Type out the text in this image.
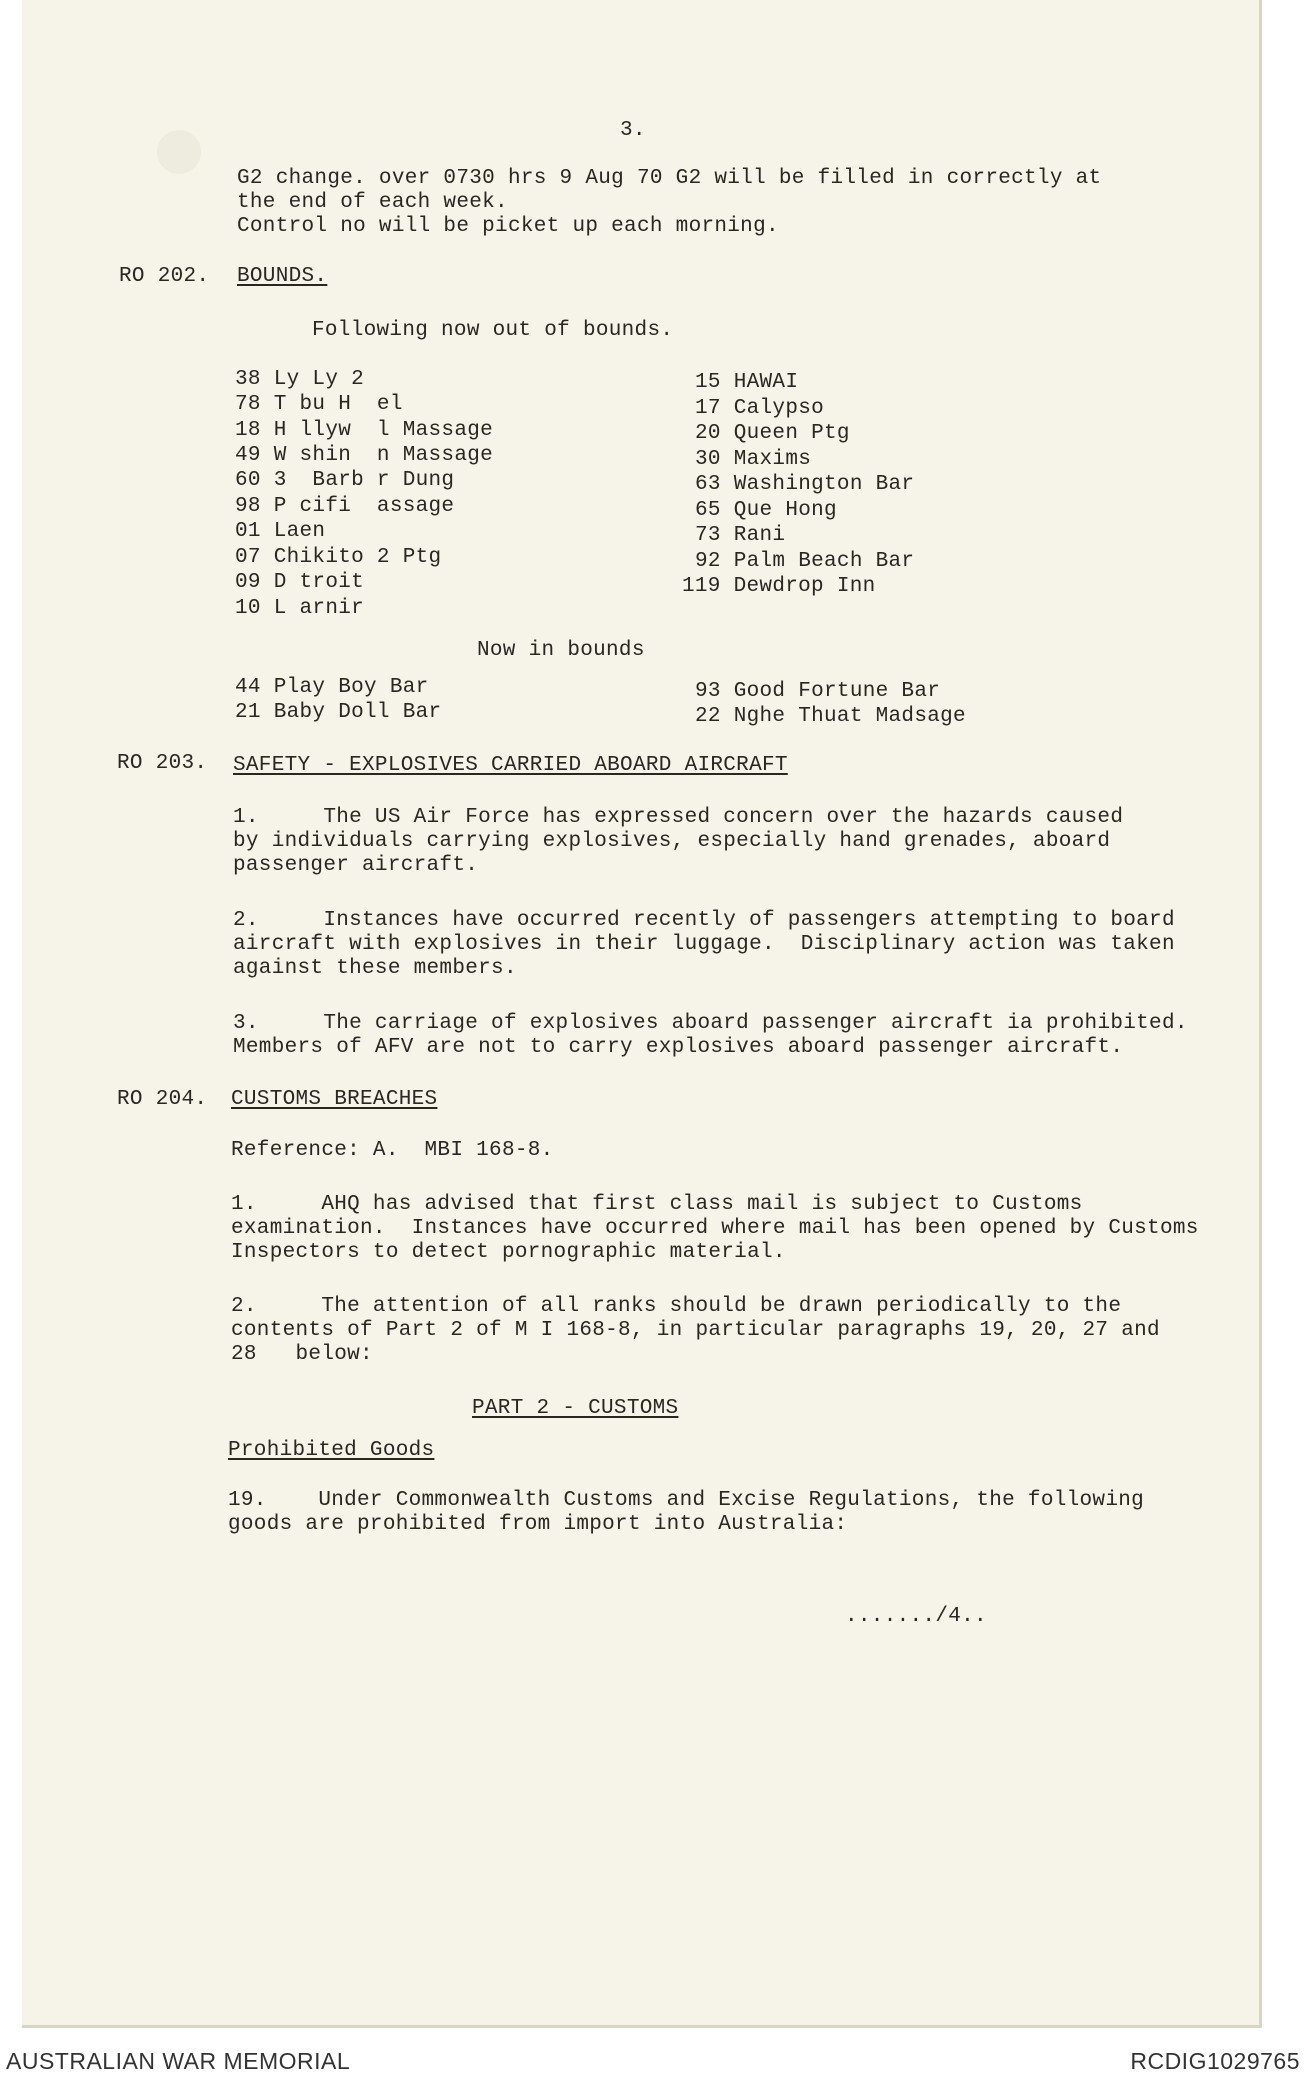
3.
G2 change. over 0730 hrs 9 Aug 70 G2 will be filled in correctly at
the end of each week.
Control no will be picket up each morning.
RO 202. BOUNDS.
Following now out of bounds.
38 Ly Ly 2
78 T bu H  el
18 H llyw  l Massage
49 W shin  n Massage
60 3  Barb r Dung
98 P cifi  assage
01 Laen
07 Chikito 2 Ptg
09 D troit
10 L arnir
15 HAWAI
17 Calypso
20 Queen Ptg
30 Maxims
63 Washington Bar
65 Que Hong
73 Rani
92 Palm Beach Bar
119 Dewdrop Inn
Now in bounds
44 Play Boy Bar
21 Baby Doll Bar
93 Good Fortune Bar
22 Nghe Thuat Madsage
RO 203. SAFETY - EXPLOSIVES CARRIED ABOARD AIRCRAFT
1.     The US Air Force has expressed concern over the hazards caused
by individuals carrying explosives, especially hand grenades, aboard
passenger aircraft.
2.     Instances have occurred recently of passengers attempting to board
aircraft with explosives in their luggage.  Disciplinary action was taken
against these members.
3.     The carriage of explosives aboard passenger aircraft ia prohibited.
Members of AFV are not to carry explosives aboard passenger aircraft.
RO 204. CUSTOMS BREACHES
Reference: A.  MBI 168-8.
1.     AHQ has advised that first class mail is subject to Customs
examination.  Instances have occurred where mail has been opened by Customs
Inspectors to detect pornographic material.
2.     The attention of all ranks should be drawn periodically to the
contents of Part 2 of M I 168-8, in particular paragraphs 19, 20, 27 and
28   below:
PART 2 - CUSTOMS
Prohibited Goods
19.    Under Commonwealth Customs and Excise Regulations, the following
goods are prohibited from import into Australia:
......./4..
AUSTRALIAN WAR MEMORIAL	RCDIG1029765
